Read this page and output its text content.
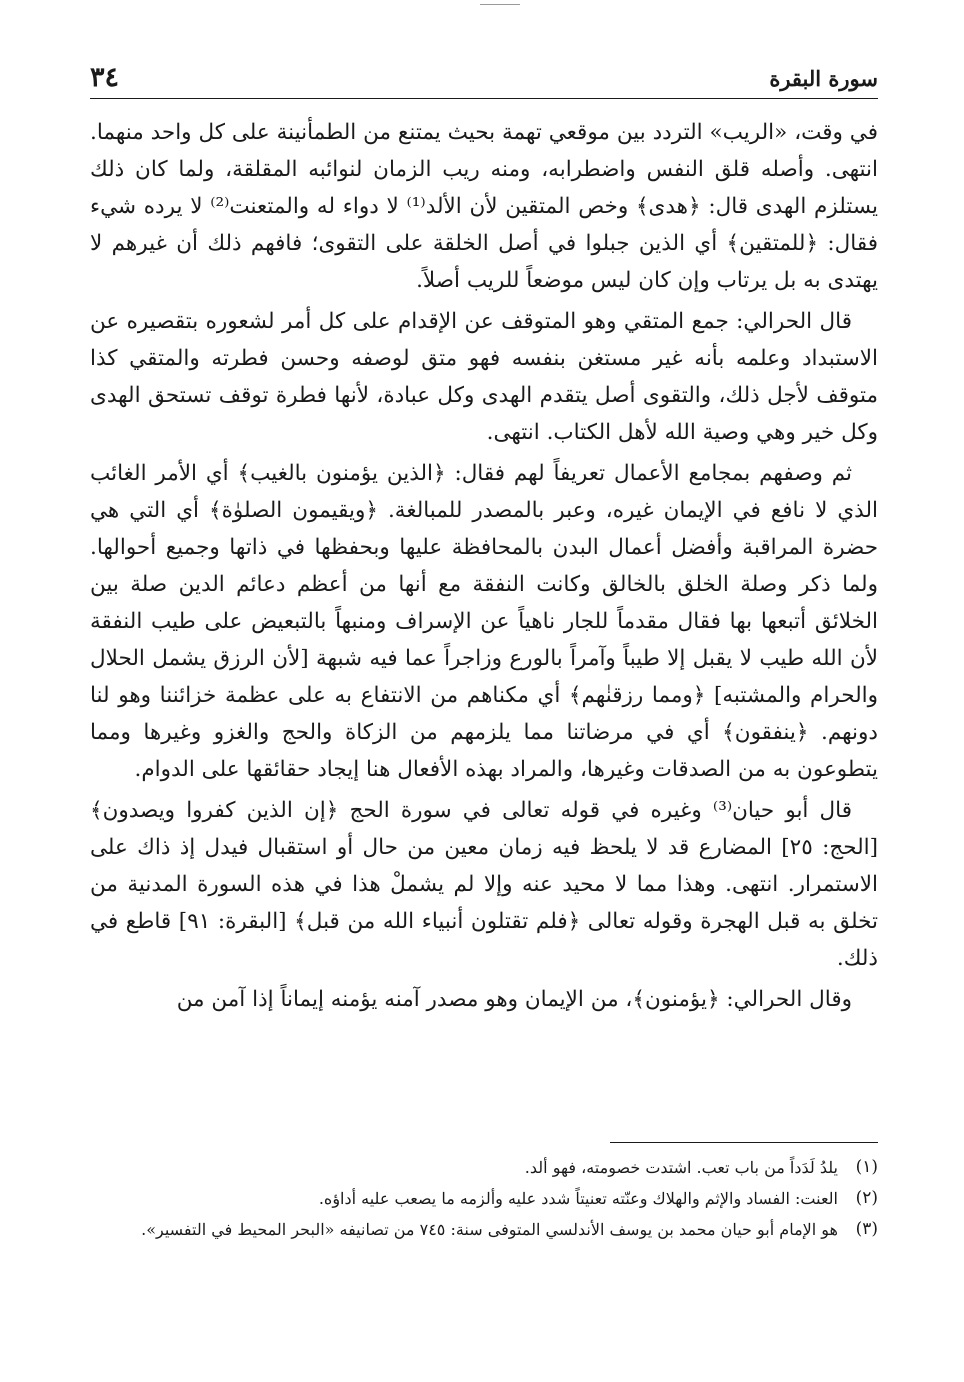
سورة البقرة
٣٤

في وقت، «الريب» التردد بين موقعي تهمة بحيث يمتنع من الطمأنينة على كل واحد منهما. انتهى. وأصله قلق النفس واضطرابه، ومنه ريب الزمان لنوائبه المقلقة، ولما كان ذلك يستلزم الهدى قال: ﴿هدى﴾ وخص المتقين لأن الألد⁽¹⁾ لا دواء له والمتعنت⁽²⁾ لا يرده شيء فقال: ﴿للمتقين﴾ أي الذين جبلوا في أصل الخلقة على التقوى؛ فافهم ذلك أن غيرهم لا يهتدى به بل يرتاب وإن كان ليس موضعاً للريب أصلاً.

قال الحرالي: جمع المتقي وهو المتوقف عن الإقدام على كل أمر لشعوره بتقصيره عن الاستبداد وعلمه بأنه غير مستغن بنفسه فهو متق لوصفه وحسن فطرته والمتقي كذا متوقف لأجل ذلك، والتقوى أصل يتقدم الهدى وكل عبادة، لأنها فطرة توقف تستحق الهدى وكل خير وهي وصية الله لأهل الكتاب. انتهى.

ثم وصفهم بمجامع الأعمال تعريفاً لهم فقال: ﴿الذين يؤمنون بالغيب﴾ أي الأمر الغائب الذي لا نافع في الإيمان غيره، وعبر بالمصدر للمبالغة. ﴿ويقيمون الصلوٰة﴾ أي التي هي حضرة المراقبة وأفضل أعمال البدن بالمحافظة عليها وبحفظها في ذاتها وجميع أحوالها. ولما ذكر وصلة الخلق بالخالق وكانت النفقة مع أنها من أعظم دعائم الدين صلة بين الخلائق أتبعها بها فقال مقدماً للجار ناهياً عن الإسراف ومنبهاً بالتبعيض على طيب النفقة لأن الله طيب لا يقبل إلا طيباً وآمراً بالورع وزاجراً عما فيه شبهة [لأن الرزق يشمل الحلال والحرام والمشتبه] ﴿ومما رزقنٰهم﴾ أي مكناهم من الانتفاع به على عظمة خزائننا وهو لنا دونهم. ﴿ينفقون﴾ أي في مرضاتنا مما يلزمهم من الزكاة والحج والغزو وغيرها ومما يتطوعون به من الصدقات وغيرها، والمراد بهذه الأفعال هنا إيجاد حقائقها على الدوام.

قال أبو حيان⁽³⁾ وغيره في قوله تعالى في سورة الحج ﴿إن الذين كفروا ويصدون﴾ [الحج: ٢٥] المضارع قد لا يلحظ فيه زمان معين من حال أو استقبال فيدل إذ ذاك على الاستمرار. انتهى. وهذا مما لا محيد عنه وإلا لم يشملْ هذا في هذه السورة المدنية من تخلق به قبل الهجرة وقوله تعالى ﴿فلم تقتلون أنبياء الله من قبل﴾ [البقرة: ٩١] قاطع في ذلك.

وقال الحرالي: ﴿يؤمنون﴾، من الإيمان وهو مصدر آمنه يؤمنه إيماناً إذا آمن من

(١)
يلدُ لَدَداً من باب تعب. اشتدت خصومته، فهو ألد.
(٢)
العنت: الفساد والإثم والهلاك وعنّته تعنيتاً شدد عليه وألزمه ما يصعب عليه أداؤه.
(٣)
هو الإمام أبو حيان محمد بن يوسف الأندلسي المتوفى سنة: ٧٤٥ من تصانيفه «البحر المحيط في التفسير».
